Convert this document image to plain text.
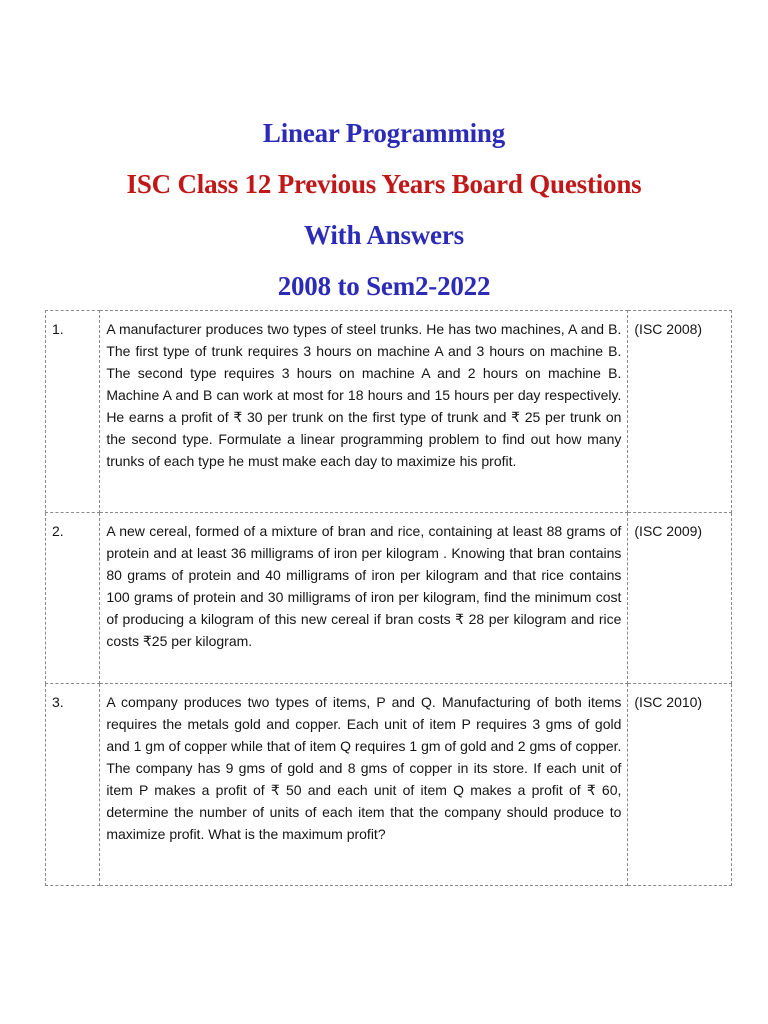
Linear Programming

ISC Class 12 Previous Years Board Questions

With Answers

2008 to Sem2-2022

1.	A manufacturer produces two types of steel trunks. He has two machines, A and B. The first type of trunk requires 3 hours on machine A and 3 hours on machine B. The second type requires 3 hours on machine A and 2 hours on machine B. Machine A and B can work at most for 18 hours and 15 hours per day respectively. He earns a profit of ₹ 30 per trunk on the first type of trunk and ₹ 25 per trunk on the second type. Formulate a linear programming problem to find out how many trunks of each type he must make each day to maximize his profit.	(ISC 2008)
2.	A new cereal, formed of a mixture of bran and rice, containing at least 88 grams of protein and at least 36 milligrams of iron per kilogram . Knowing that bran contains 80 grams of protein and 40 milligrams of iron per kilogram and that rice contains 100 grams of protein and 30 milligrams of iron per kilogram, find the minimum cost of producing a kilogram of this new cereal if bran costs ₹ 28 per kilogram and rice costs ₹25 per kilogram.	(ISC 2009)
3.	A company produces two types of items, P and Q. Manufacturing of both items requires the metals gold and copper. Each unit of item P requires 3 gms of gold and 1 gm of copper while that of item Q requires 1 gm of gold and 2 gms of copper. The company has 9 gms of gold and 8 gms of copper in its store. If each unit of item P makes a profit of ₹ 50 and each unit of item Q makes a profit of ₹ 60, determine the number of units of each item that the company should produce to maximize profit. What is the maximum profit?	(ISC 2010)
